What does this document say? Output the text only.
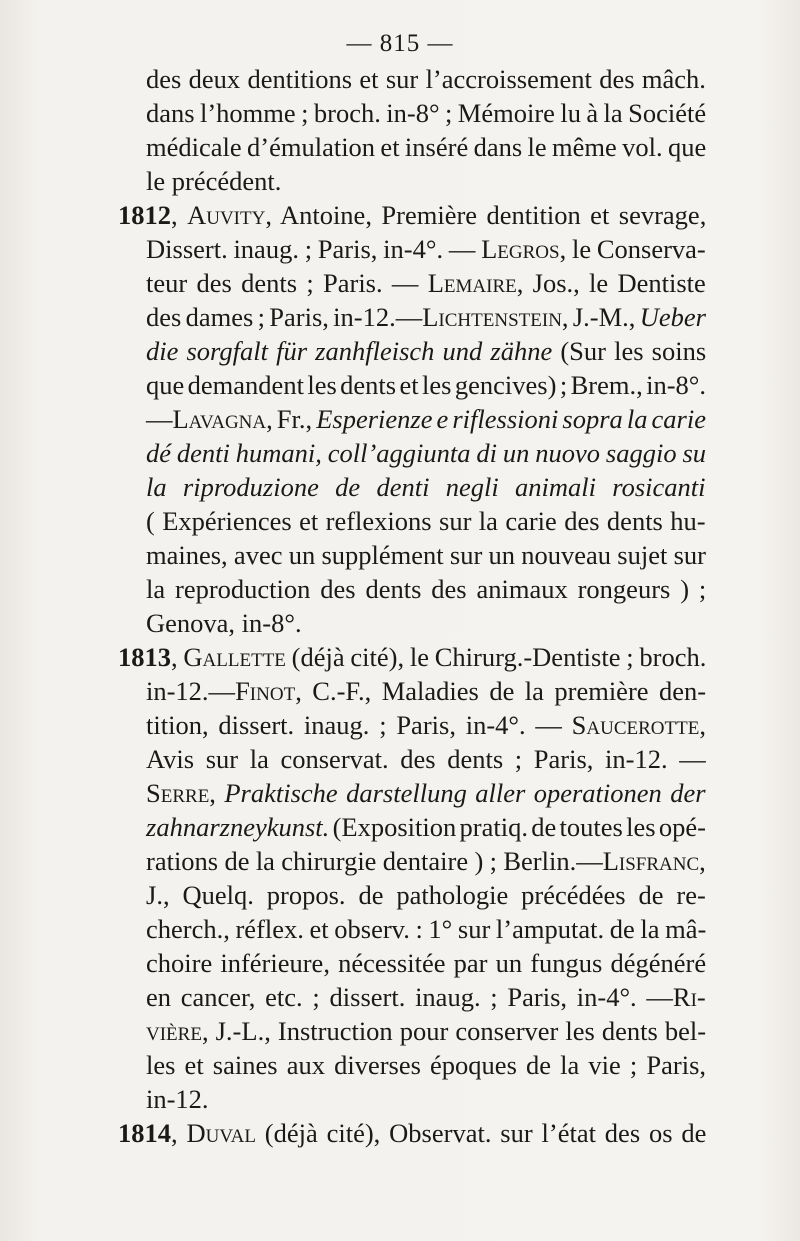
— 815 —
des deux dentitions et sur l’accroissement des mâch.
dans l’homme ; broch. in-8° ; Mémoire lu à la Société
médicale d’émulation et inséré dans le même vol. que
le précédent.
1812, Auvity, Antoine, Première dentition et sevrage,
Dissert. inaug. ; Paris, in-4°. — Legros, le Conserva-
teur des dents ; Paris. — Lemaire, Jos., le Dentiste
des dames ; Paris, in-12.—Lichtenstein, J.-M., Ueber
die sorgfalt für zanhfleisch und zähne (Sur les soins
que demandent les dents et les gencives) ; Brem., in-8°.
—Lavagna, Fr., Esperienze e riflessioni sopra la carie
dé denti humani, coll’aggiunta di un nuovo saggio su
la riproduzione de denti negli animali rosicanti
( Expériences et reflexions sur la carie des dents hu-
maines, avec un supplément sur un nouveau sujet sur
la reproduction des dents des animaux rongeurs ) ;
Genova, in-8°.
1813, Gallette (déjà cité), le Chirurg.-Dentiste ; broch.
in-12.—Finot, C.-F., Maladies de la première den-
tition, dissert. inaug. ; Paris, in-4°. — Saucerotte,
Avis sur la conservat. des dents ; Paris, in-12. —
Serre, Praktische darstellung aller operationen der
zahnarzneykunst. (Exposition pratiq. de toutes les opé-
rations de la chirurgie dentaire ) ; Berlin.—Lisfranc,
J., Quelq. propos. de pathologie précédées de re-
cherch., réflex. et observ. : 1° sur l’amputat. de la mâ-
choire inférieure, nécessitée par un fungus dégénéré
en cancer, etc. ; dissert. inaug. ; Paris, in-4°. —Ri-
vière, J.-L., Instruction pour conserver les dents bel-
les et saines aux diverses époques de la vie ; Paris,
in-12.
1814, Duval (déjà cité), Observat. sur l’état des os de
